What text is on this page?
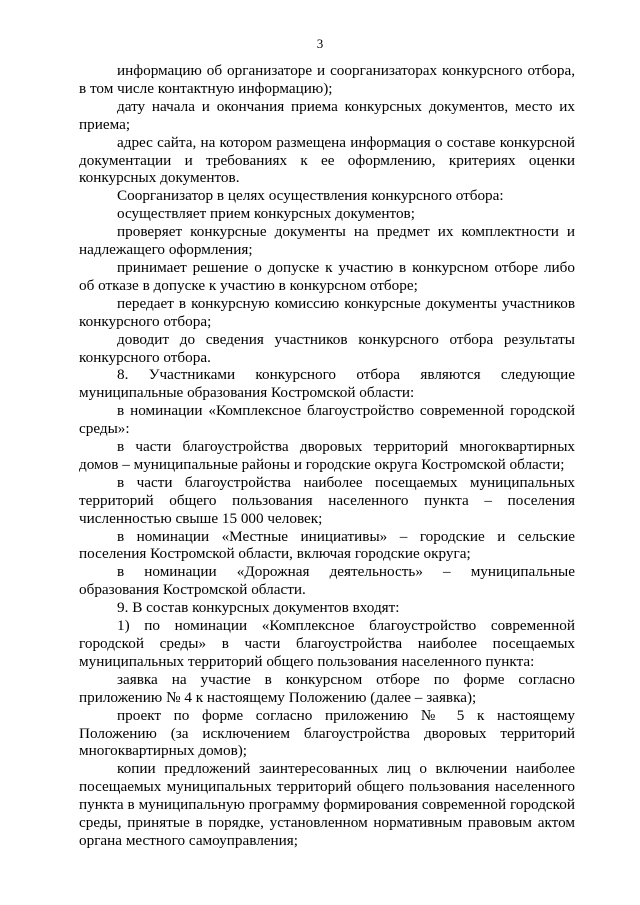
3

информацию об организаторе и соорганизаторах конкурсного отбора, в том числе контактную информацию);

дату начала и окончания приема конкурсных документов, место их приема;

адрес сайта, на котором размещена информация о составе конкурсной документации и требованиях к ее оформлению, критериях оценки конкурсных документов.

Соорганизатор в целях осуществления конкурсного отбора:

осуществляет прием конкурсных документов;

проверяет конкурсные документы на предмет их комплектности и надлежащего оформления;

принимает решение о допуске к участию в конкурсном отборе либо об отказе в допуске к участию в конкурсном отборе;

передает в конкурсную комиссию конкурсные документы участников конкурсного отбора;

доводит до сведения участников конкурсного отбора результаты конкурсного отбора.

8. Участниками конкурсного отбора являются следующие муниципальные образования Костромской области:

в номинации «Комплексное благоустройство современной городской среды»:

в части благоустройства дворовых территорий многоквартирных домов – муниципальные районы и городские округа Костромской области;

в части благоустройства наиболее посещаемых муниципальных территорий общего пользования населенного пункта – поселения численностью свыше 15 000 человек;

в номинации «Местные инициативы» – городские и сельские поселения Костромской области, включая городские округа;

в номинации «Дорожная деятельность» – муниципальные образования Костромской области.

9. В состав конкурсных документов входят:

1) по номинации «Комплексное благоустройство современной городской среды» в части благоустройства наиболее посещаемых муниципальных территорий общего пользования населенного пункта:

заявка на участие в конкурсном отборе по форме согласно приложению № 4 к настоящему Положению (далее – заявка);

проект по форме согласно приложению № 5 к настоящему Положению (за исключением благоустройства дворовых территорий многоквартирных домов);

копии предложений заинтересованных лиц о включении наиболее посещаемых муниципальных территорий общего пользования населенного пункта в муниципальную программу формирования современной городской среды, принятые в порядке, установленном нормативным правовым актом органа местного самоуправления;
